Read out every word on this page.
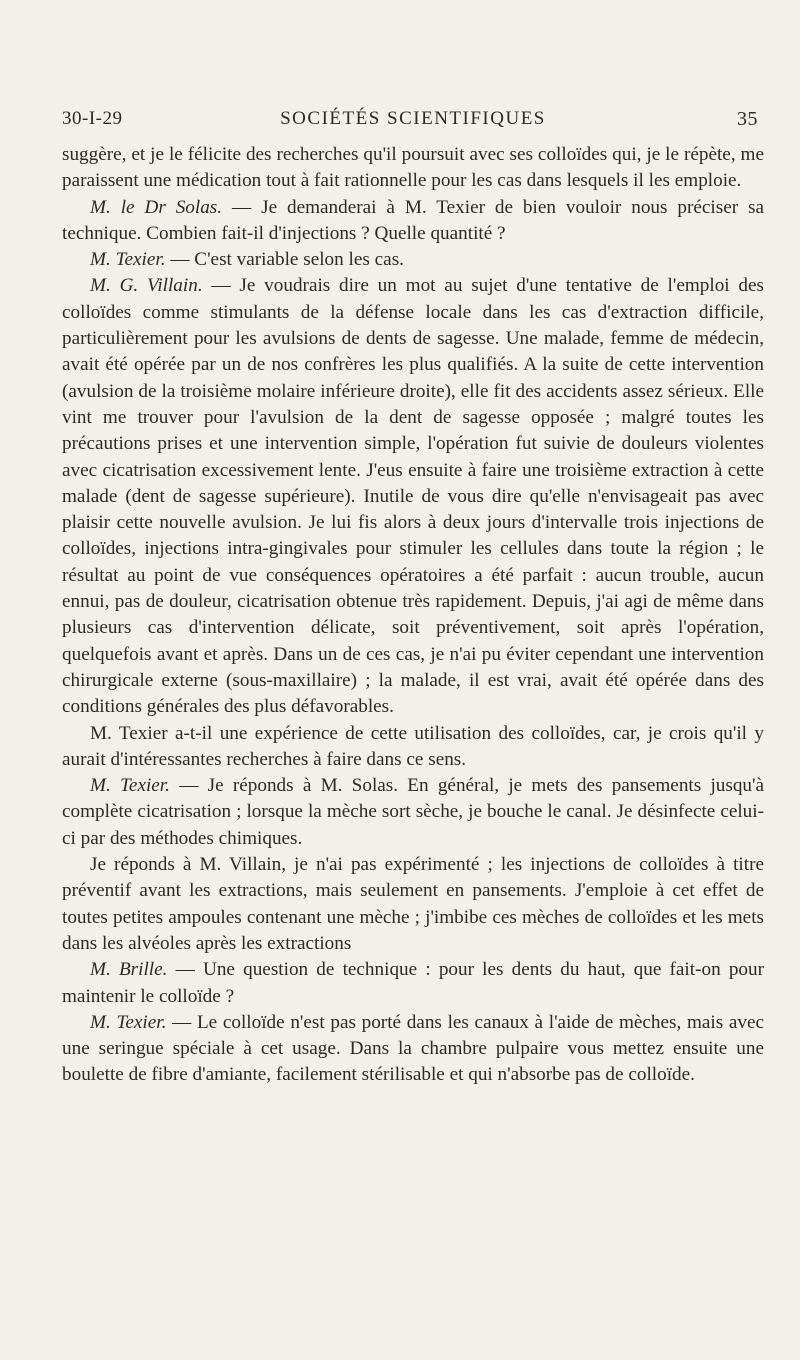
30-I-29	SOCIÉTÉS SCIENTIFIQUES	35

suggère, et je le félicite des recherches qu'il poursuit avec ses colloïdes qui, je le répète, me paraissent une médication tout à fait rationnelle pour les cas dans lesquels il les emploie.

M. le Dr Solas. — Je demanderai à M. Texier de bien vouloir nous préciser sa technique. Combien fait-il d'injections ? Quelle quantité ?

M. Texier. — C'est variable selon les cas.

M. G. Villain. — Je voudrais dire un mot au sujet d'une tentative de l'emploi des colloïdes comme stimulants de la défense locale dans les cas d'extraction difficile, particulièrement pour les avulsions de dents de sagesse. Une malade, femme de médecin, avait été opérée par un de nos confrères les plus qualifiés. A la suite de cette intervention (avulsion de la troisième molaire inférieure droite), elle fit des accidents assez sérieux. Elle vint me trouver pour l'avulsion de la dent de sagesse opposée ; malgré toutes les précautions prises et une intervention simple, l'opération fut suivie de douleurs violentes avec cicatrisation excessivement lente. J'eus ensuite à faire une troisième extraction à cette malade (dent de sagesse supérieure). Inutile de vous dire qu'elle n'envisageait pas avec plaisir cette nouvelle avulsion. Je lui fis alors à deux jours d'intervalle trois injections de colloïdes, injections intra-gingivales pour stimuler les cellules dans toute la région ; le résultat au point de vue conséquences opératoires a été parfait : aucun trouble, aucun ennui, pas de douleur, cicatrisation obtenue très rapidement. Depuis, j'ai agi de même dans plusieurs cas d'intervention délicate, soit préventivement, soit après l'opération, quelquefois avant et après. Dans un de ces cas, je n'ai pu éviter cependant une intervention chirurgicale externe (sous-maxillaire) ; la malade, il est vrai, avait été opérée dans des conditions générales des plus défavorables.

M. Texier a-t-il une expérience de cette utilisation des colloïdes, car, je crois qu'il y aurait d'intéressantes recherches à faire dans ce sens.

M. Texier. — Je réponds à M. Solas. En général, je mets des pansements jusqu'à complète cicatrisation ; lorsque la mèche sort sèche, je bouche le canal. Je désinfecte celui-ci par des méthodes chimiques.

Je réponds à M. Villain, je n'ai pas expérimenté ; les injections de colloïdes à titre préventif avant les extractions, mais seulement en pansements. J'emploie à cet effet de toutes petites ampoules contenant une mèche ; j'imbibe ces mèches de colloïdes et les mets dans les alvéoles après les extractions

M. Brille. — Une question de technique : pour les dents du haut, que fait-on pour maintenir le colloïde ?

M. Texier. — Le colloïde n'est pas porté dans les canaux à l'aide de mèches, mais avec une seringue spéciale à cet usage. Dans la chambre pulpaire vous mettez ensuite une boulette de fibre d'amiante, facilement stérilisable et qui n'absorbe pas de colloïde.
